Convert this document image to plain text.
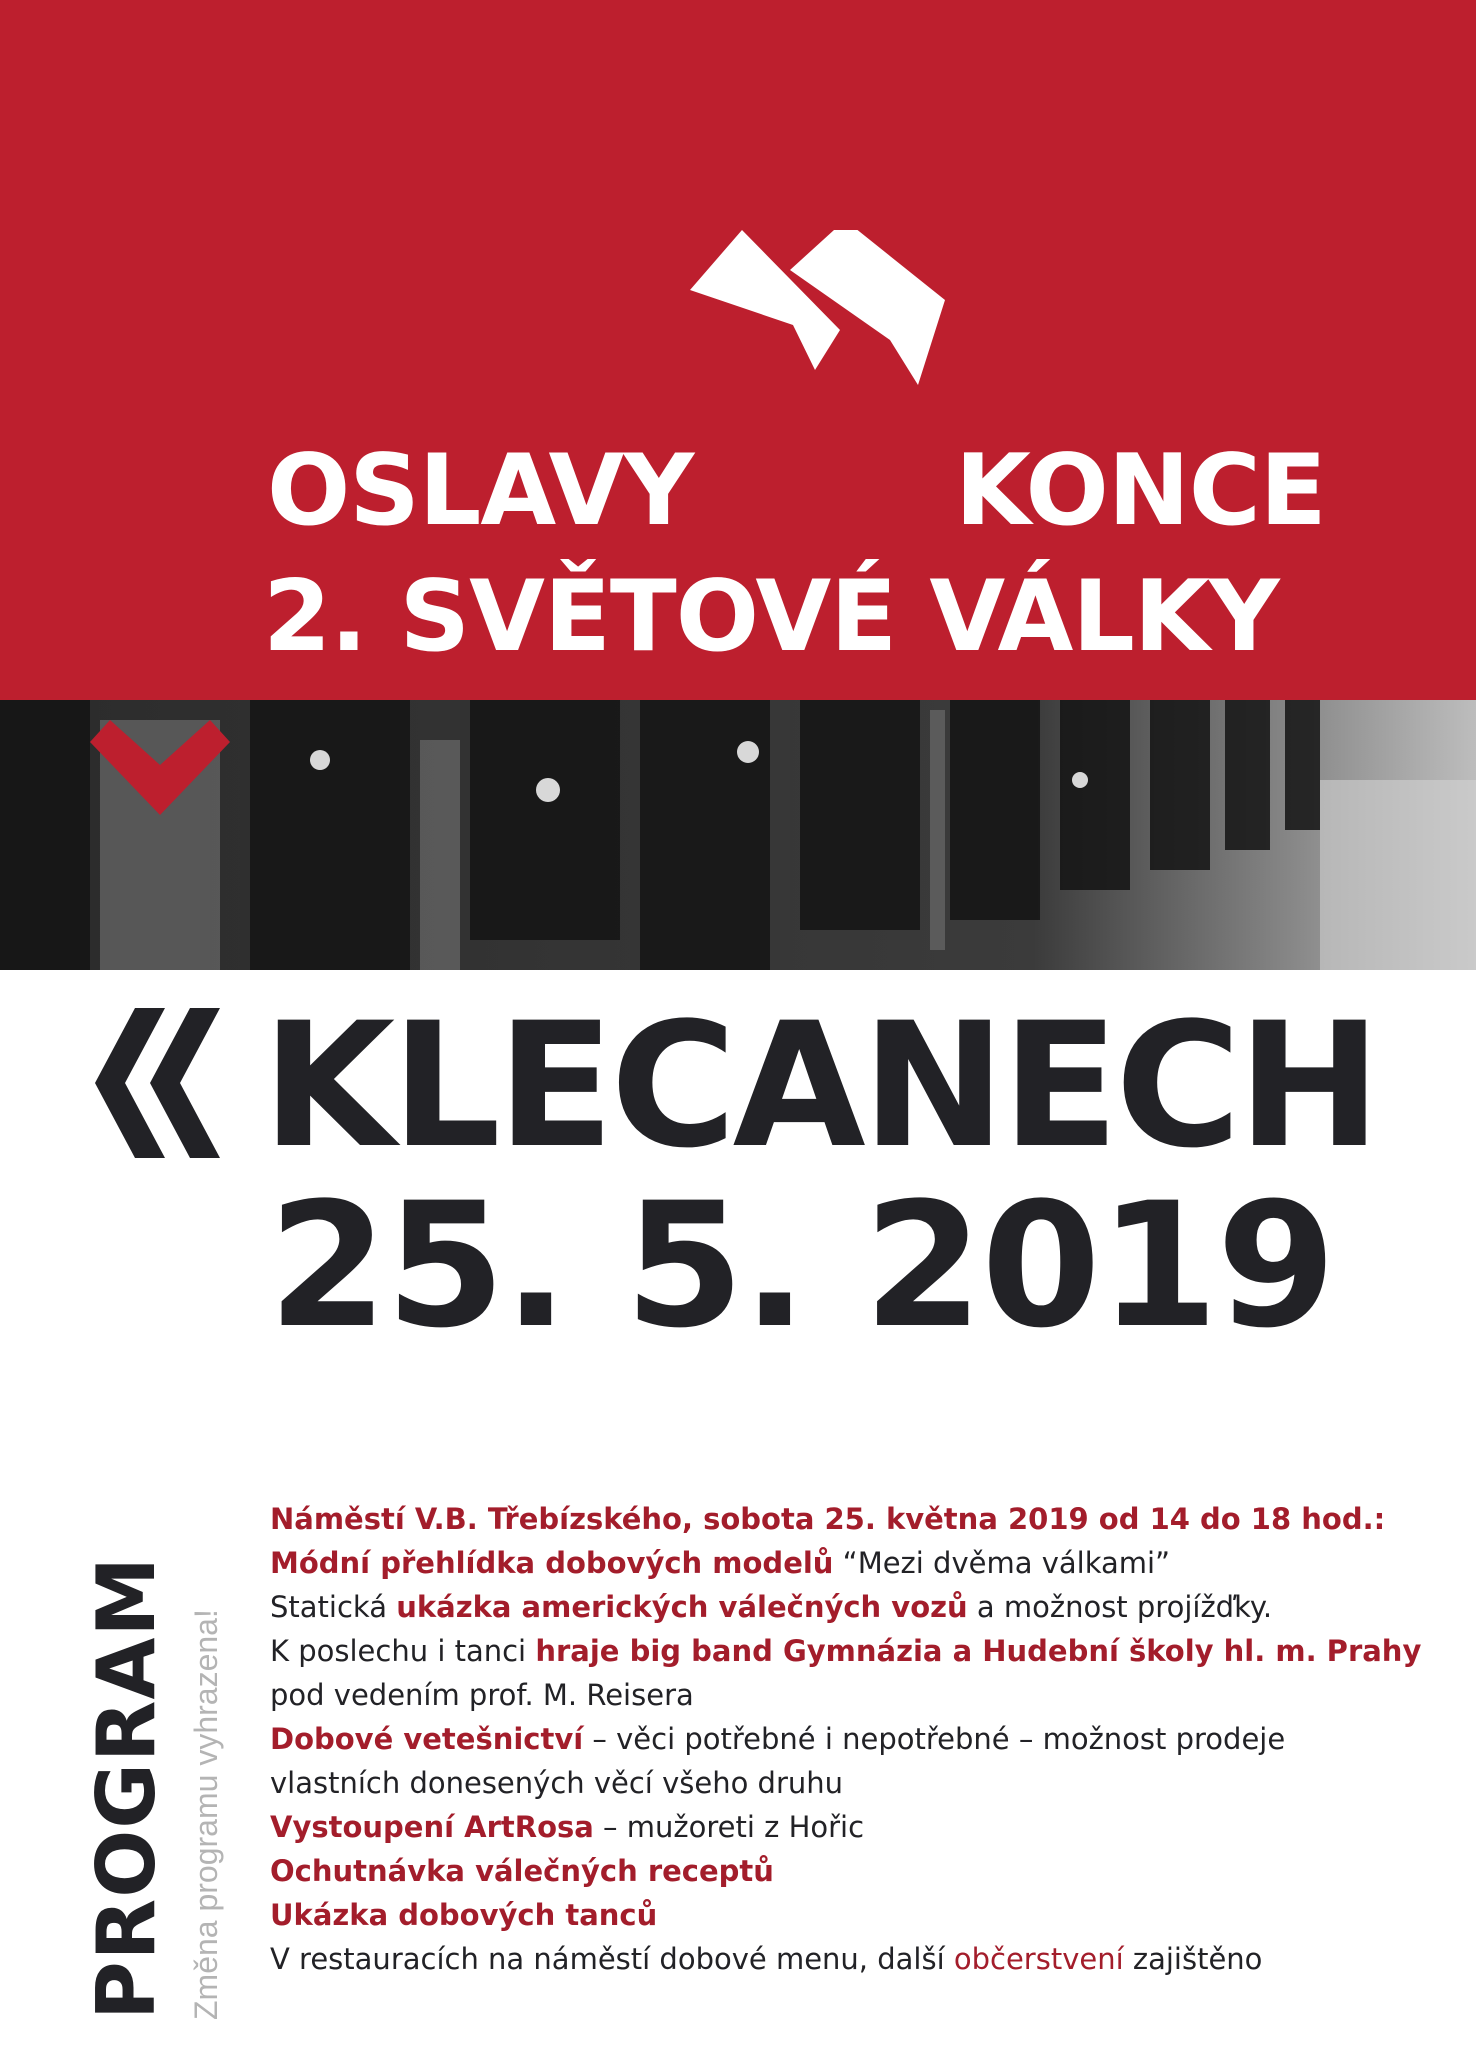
OSLAVY	KONCE
2. SVĚTOVÉ VÁLKY
KLECANECH
25. 5. 2019
PROGRAM Změna programu vyhrazena!
Náměstí V.B. Třebízského, sobota 25. května 2019 od 14 do 18 hod.:
Módní přehlídka dobových modelů “Mezi dvěma válkami”
Statická ukázka amerických válečných vozů a možnost projížďky.
K poslechu i tanci hraje big band Gymnázia a Hudební školy hl. m. Prahy
pod vedením prof. M. Reisera
Dobové vetešnictví – věci potřebné i nepotřebné – možnost prodeje
vlastních donesených věcí všeho druhu
Vystoupení ArtRosa – mužoreti z Hořic
Ochutnávka válečných receptů
Ukázka dobových tanců
V restauracích na náměstí dobové menu, další občerstvení zajištěno
